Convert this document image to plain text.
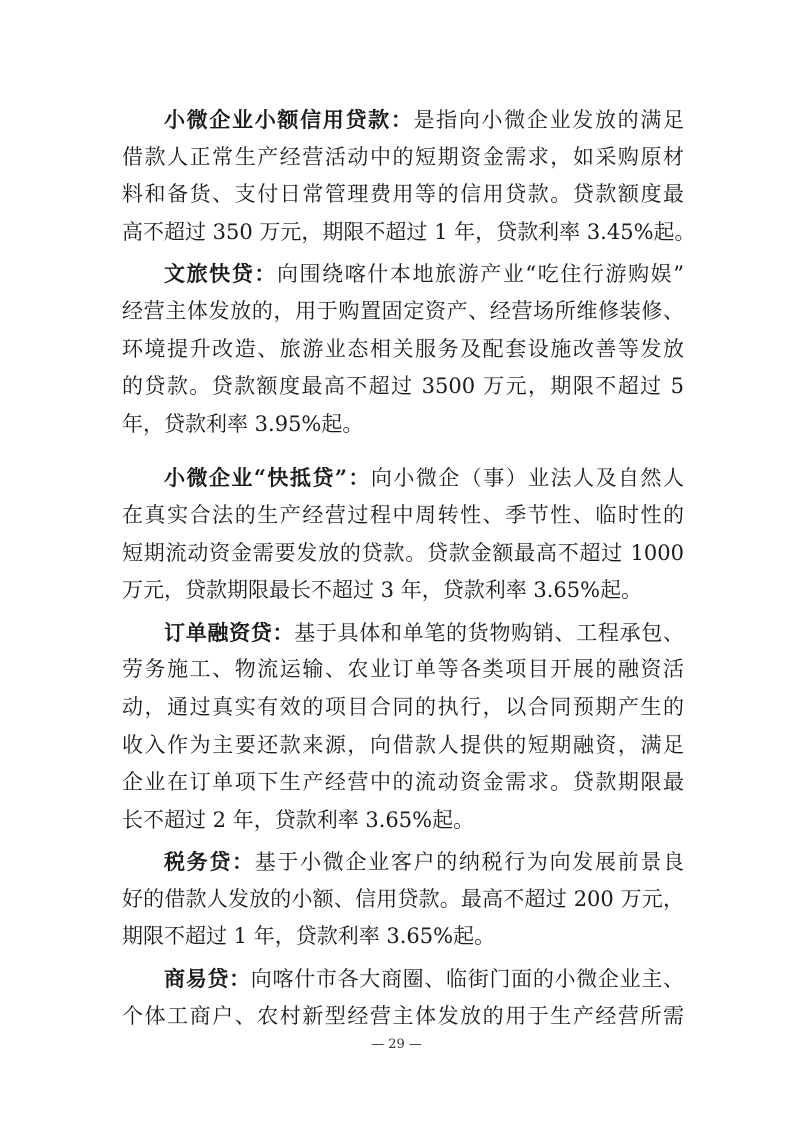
小微企业小额信用贷款：是指向小微企业发放的满足
借款人正常生产经营活动中的短期资金需求，如采购原材
料和备货、支付日常管理费用等的信用贷款。贷款额度最
高不超过 350 万元，期限不超过 1 年，贷款利率 3.45%起。
文旅快贷：向围绕喀什本地旅游产业“吃住行游购娱”
经营主体发放的，用于购置固定资产、经营场所维修装修、
环境提升改造、旅游业态相关服务及配套设施改善等发放
的贷款。贷款额度最高不超过 3500 万元，期限不超过 5
年，贷款利率 3.95%起。
小微企业“快抵贷”：向小微企（事）业法人及自然人
在真实合法的生产经营过程中周转性、季节性、临时性的
短期流动资金需要发放的贷款。贷款金额最高不超过 1000
万元，贷款期限最长不超过 3 年，贷款利率 3.65%起。
订单融资贷：基于具体和单笔的货物购销、工程承包、
劳务施工、物流运输、农业订单等各类项目开展的融资活
动，通过真实有效的项目合同的执行，以合同预期产生的
收入作为主要还款来源，向借款人提供的短期融资，满足
企业在订单项下生产经营中的流动资金需求。贷款期限最
长不超过 2 年，贷款利率 3.65%起。
税务贷：基于小微企业客户的纳税行为向发展前景良
好的借款人发放的小额、信用贷款。最高不超过 200 万元，
期限不超过 1 年，贷款利率 3.65%起。
商易贷：向喀什市各大商圈、临街门面的小微企业主、
个体工商户、农村新型经营主体发放的用于生产经营所需
— 29 —
